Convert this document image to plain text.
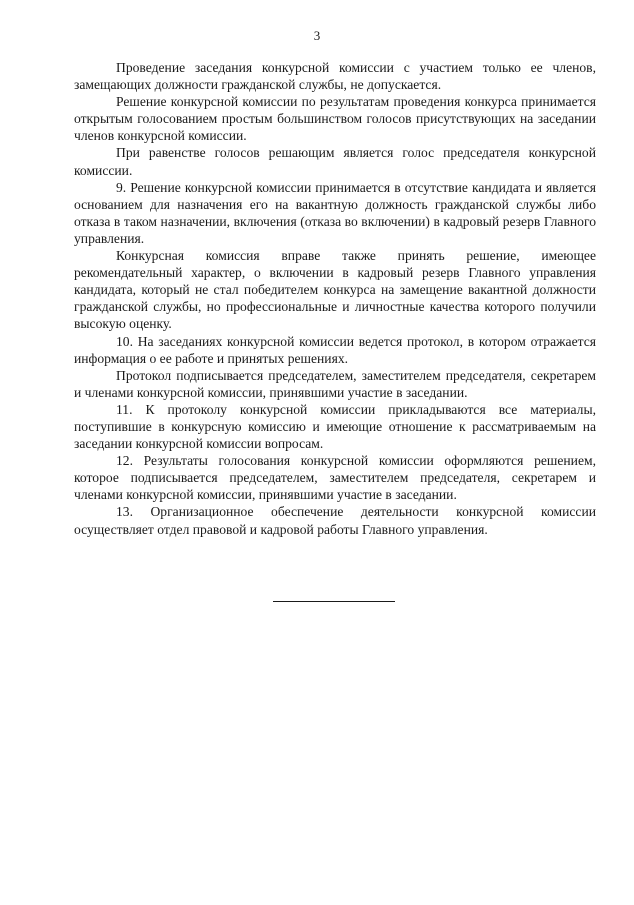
3

Проведение заседания конкурсной комиссии с участием только ее членов, замещающих должности гражданской службы, не допускается.

Решение конкурсной комиссии по результатам проведения конкурса принимается открытым голосованием простым большинством голосов присутствующих на заседании членов конкурсной комиссии.

При равенстве голосов решающим является голос председателя конкурсной комиссии.

9. Решение конкурсной комиссии принимается в отсутствие кандидата и является основанием для назначения его на вакантную должность гражданской службы либо отказа в таком назначении, включения (отказа во включении) в кадровый резерв Главного управления.

Конкурсная комиссия вправе также принять решение, имеющее рекомендательный характер, о включении в кадровый резерв Главного управления кандидата, который не стал победителем конкурса на замещение вакантной должности гражданской службы, но профессиональные и личностные качества которого получили высокую оценку.

10. На заседаниях конкурсной комиссии ведется протокол, в котором отражается информация о ее работе и принятых решениях.

Протокол подписывается председателем, заместителем председателя, секретарем и членами конкурсной комиссии, принявшими участие в заседании.

11. К протоколу конкурсной комиссии прикладываются все материалы, поступившие в конкурсную комиссию и имеющие отношение к рассматриваемым на заседании конкурсной комиссии вопросам.

12. Результаты голосования конкурсной комиссии оформляются решением, которое подписывается председателем, заместителем председателя, секретарем и членами конкурсной комиссии, принявшими участие в заседании.

13. Организационное обеспечение деятельности конкурсной комиссии осуществляет отдел правовой и кадровой работы Главного управления.
